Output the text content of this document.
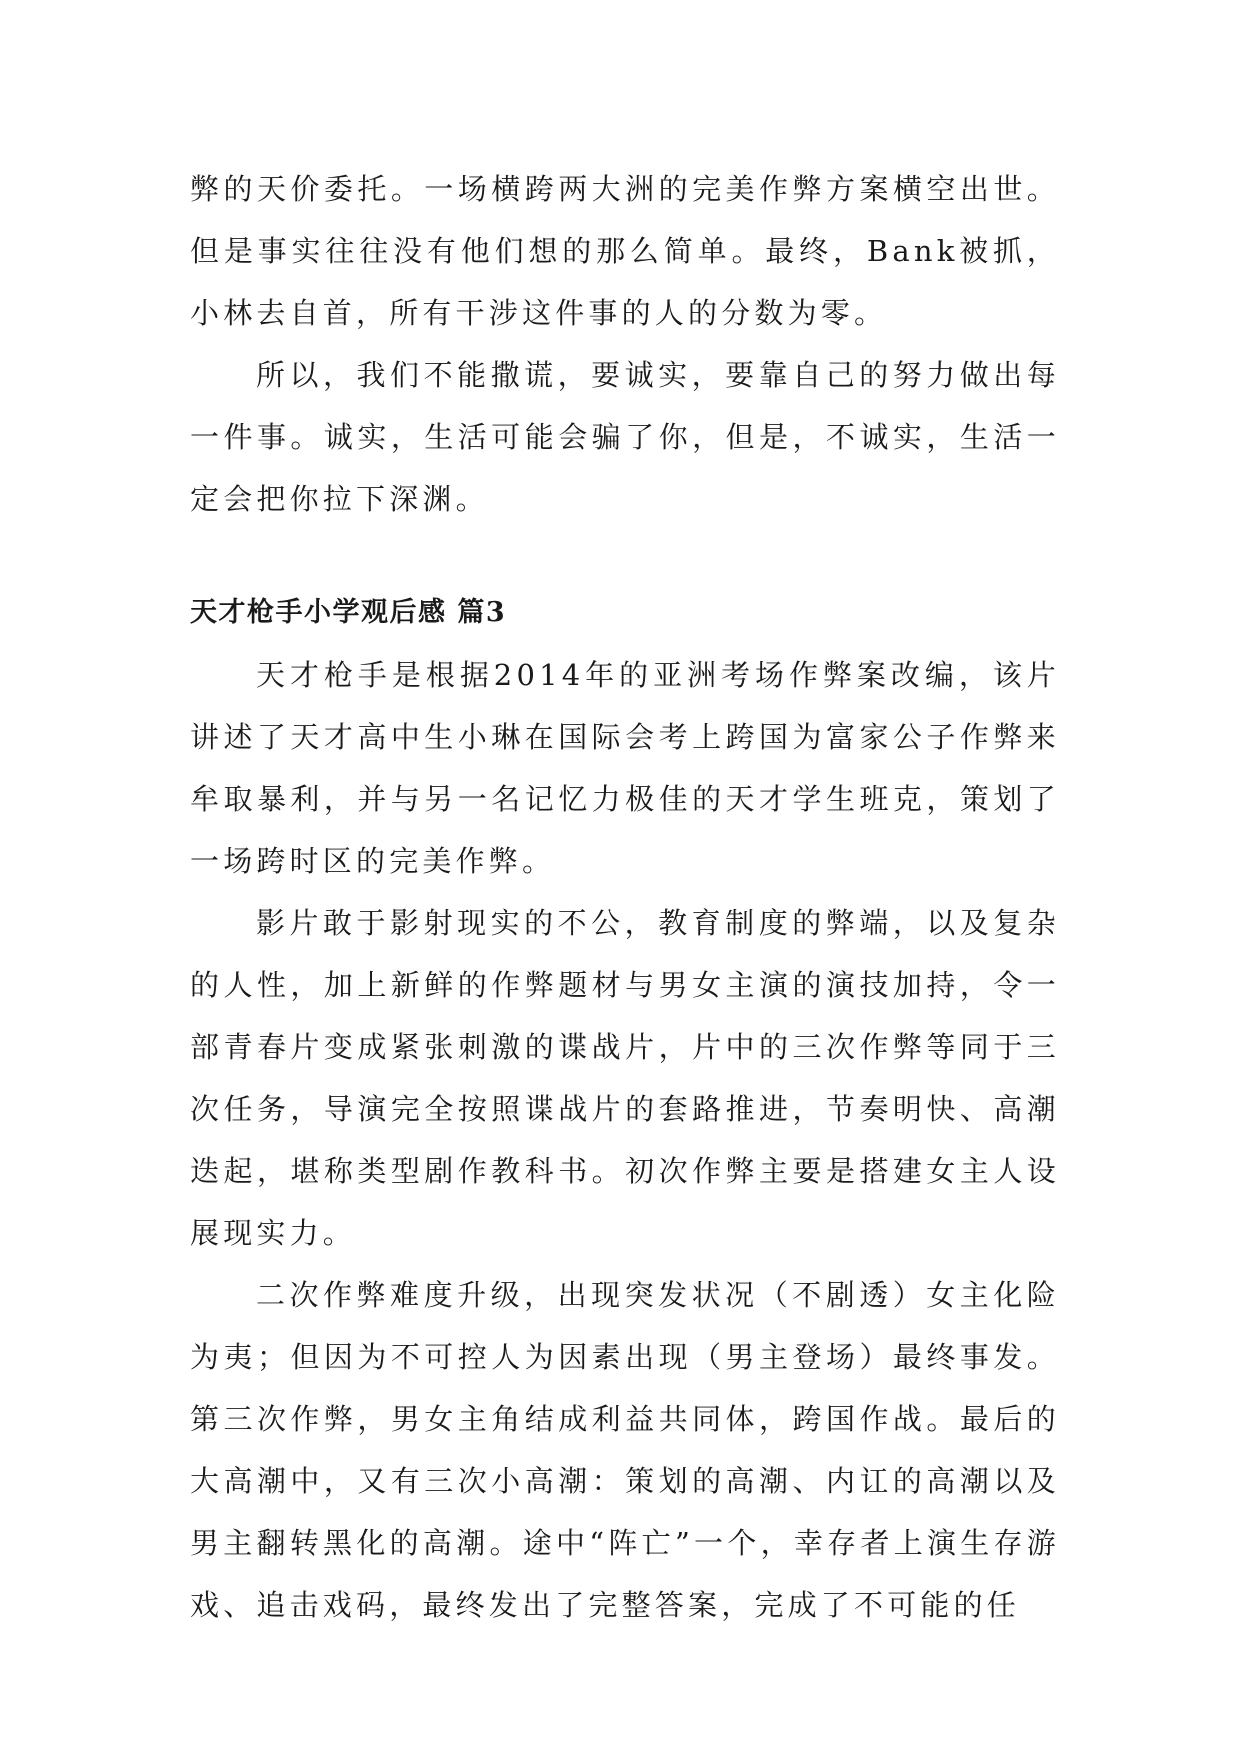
弊的天价委托。一场横跨两大洲的完美作弊方案横空出世。但是事实往往没有他们想的那么简单。最终，Bank被抓，小林去自首，所有干涉这件事的人的分数为零。

所以，我们不能撒谎，要诚实，要靠自己的努力做出每一件事。诚实，生活可能会骗了你，但是，不诚实，生活一定会把你拉下深渊。

天才枪手小学观后感 篇3

天才枪手是根据2014年的亚洲考场作弊案改编，该片讲述了天才高中生小琳在国际会考上跨国为富家公子作弊来牟取暴利，并与另一名记忆力极佳的天才学生班克，策划了一场跨时区的完美作弊。

影片敢于影射现实的不公，教育制度的弊端，以及复杂的人性，加上新鲜的作弊题材与男女主演的演技加持，令一部青春片变成紧张刺激的谍战片，片中的三次作弊等同于三次任务，导演完全按照谍战片的套路推进，节奏明快、高潮迭起，堪称类型剧作教科书。初次作弊主要是搭建女主人设展现实力。

二次作弊难度升级，出现突发状况（不剧透）女主化险为夷；但因为不可控人为因素出现（男主登场）最终事发。第三次作弊，男女主角结成利益共同体，跨国作战。最后的大高潮中，又有三次小高潮：策划的高潮、内讧的高潮以及男主翻转黑化的高潮。途中“阵亡”一个，幸存者上演生存游戏、追击戏码，最终发出了完整答案，完成了不可能的任
